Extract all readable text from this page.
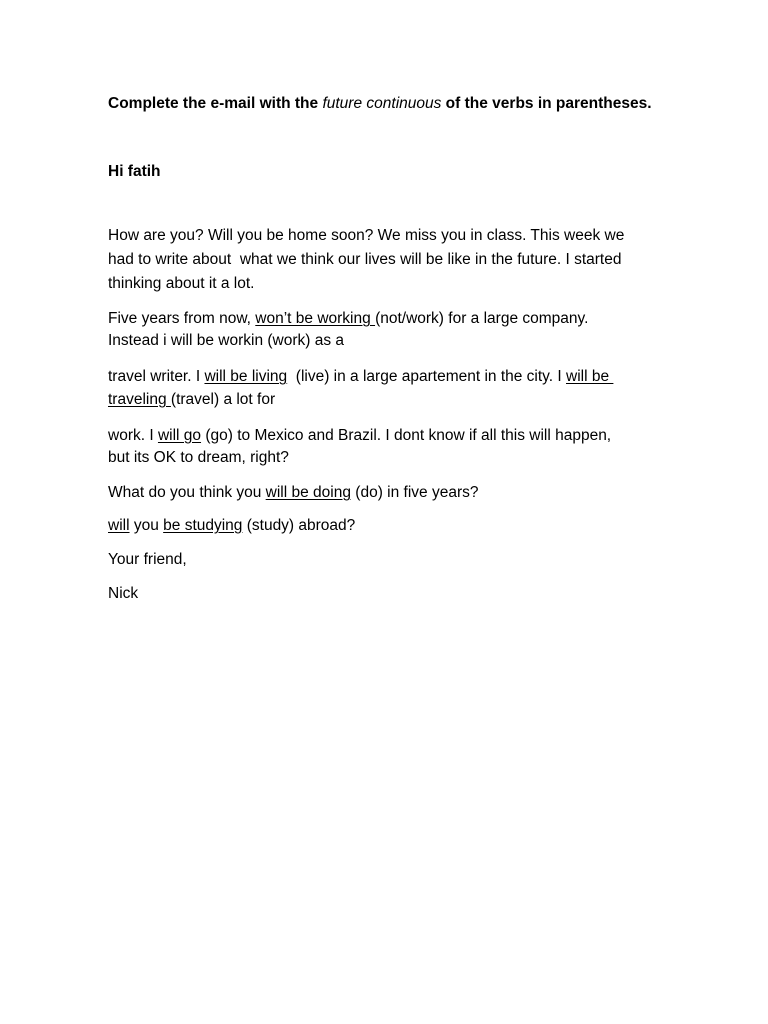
Complete the e-mail with the future continuous of the verbs in parentheses.
Hi fatih
How are you? Will you be home soon? We miss you in class. This week we
had to write about  what we think our lives will be like in the future. I started
thinking about it a lot.
Five years from now, won’t be working (not/work) for a large company.
Instead i will be workin (work) as a
travel writer. I will be living  (live) in a large apartement in the city. I will be
traveling (travel) a lot for
work. I will go (go) to Mexico and Brazil. I dont know if all this will happen,
but its OK to dream, right?
What do you think you will be doing (do) in five years?
will you be studying (study) abroad?
Your friend,
Nick
